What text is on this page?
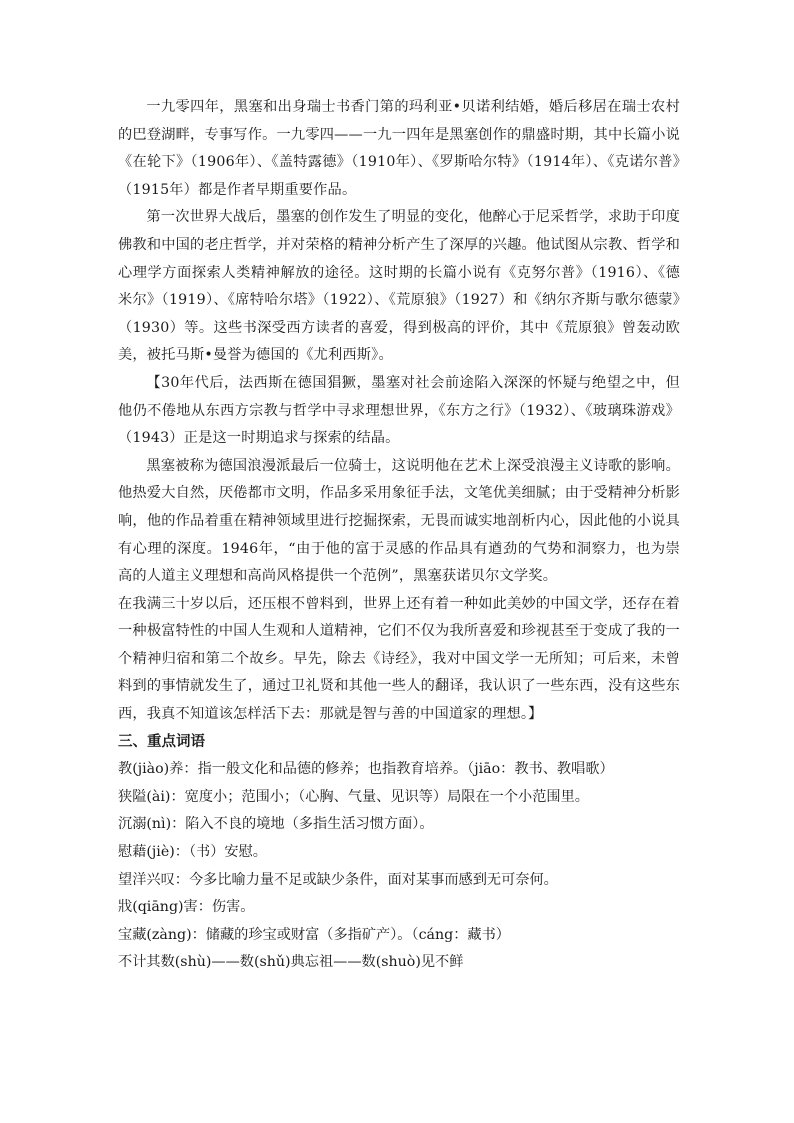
一九零四年，黑塞和出身瑞士书香门第的玛利亚•贝诺利结婚，婚后移居在瑞士农村的巴登湖畔，专事写作。一九零四——一九一四年是黑塞创作的鼎盛时期，其中长篇小说《在轮下》（1906年）、《盖特露德》（1910年）、《罗斯哈尔特》（1914年）、《克诺尔普》（1915年）都是作者早期重要作品。

第一次世界大战后，墨塞的创作发生了明显的变化，他醉心于尼采哲学，求助于印度佛教和中国的老庄哲学，并对荣格的精神分析产生了深厚的兴趣。他试图从宗教、哲学和心理学方面探索人类精神解放的途径。这时期的长篇小说有《克努尔普》（1916）、《德米尔》（1919）、《席特哈尔塔》（1922）、《荒原狼》（1927）和《纳尔齐斯与歌尔德蒙》（1930）等。这些书深受西方读者的喜爱，得到极高的评价，其中《荒原狼》曾轰动欧美，被托马斯•曼誉为德国的《尤利西斯》。

【30年代后，法西斯在德国猖獗，墨塞对社会前途陷入深深的怀疑与绝望之中，但他仍不倦地从东西方宗教与哲学中寻求理想世界，《东方之行》（1932）、《玻璃珠游戏》（1943）正是这一时期追求与探索的结晶。

黑塞被称为德国浪漫派最后一位骑士，这说明他在艺术上深受浪漫主义诗歌的影响。他热爱大自然，厌倦都市文明，作品多采用象征手法，文笔优美细腻；由于受精神分析影响，他的作品着重在精神领域里进行挖掘探索，无畏而诚实地剖析内心，因此他的小说具有心理的深度。1946年，“由于他的富于灵感的作品具有遒劲的气势和洞察力，也为崇高的人道主义理想和高尚风格提供一个范例”，黑塞获诺贝尔文学奖。

在我满三十岁以后，还压根不曾料到，世界上还有着一种如此美妙的中国文学，还存在着一种极富特性的中国人生观和人道精神，它们不仅为我所喜爱和珍视甚至于变成了我的一个精神归宿和第二个故乡。早先，除去《诗经》，我对中国文学一无所知；可后来，未曾料到的事情就发生了，通过卫礼贤和其他一些人的翻译，我认识了一些东西，没有这些东西，我真不知道该怎样活下去：那就是智与善的中国道家的理想。】

三、重点词语

教(jiào)养：指一般文化和品德的修养；也指教育培养。（jiāo：教书、教唱歌）

狭隘(ài)：宽度小；范围小；（心胸、气量、见识等）局限在一个小范围里。

沉溺(nì)：陷入不良的境地（多指生活习惯方面）。

慰藉(jiè)：（书）安慰。

望洋兴叹：今多比喻力量不足或缺少条件，面对某事而感到无可奈何。

戕(qiāng)害：伤害。

宝藏(zàng)：储藏的珍宝或财富（多指矿产）。（cáng：藏书）

不计其数(shù)——数(shǔ)典忘祖——数(shuò)见不鲜
